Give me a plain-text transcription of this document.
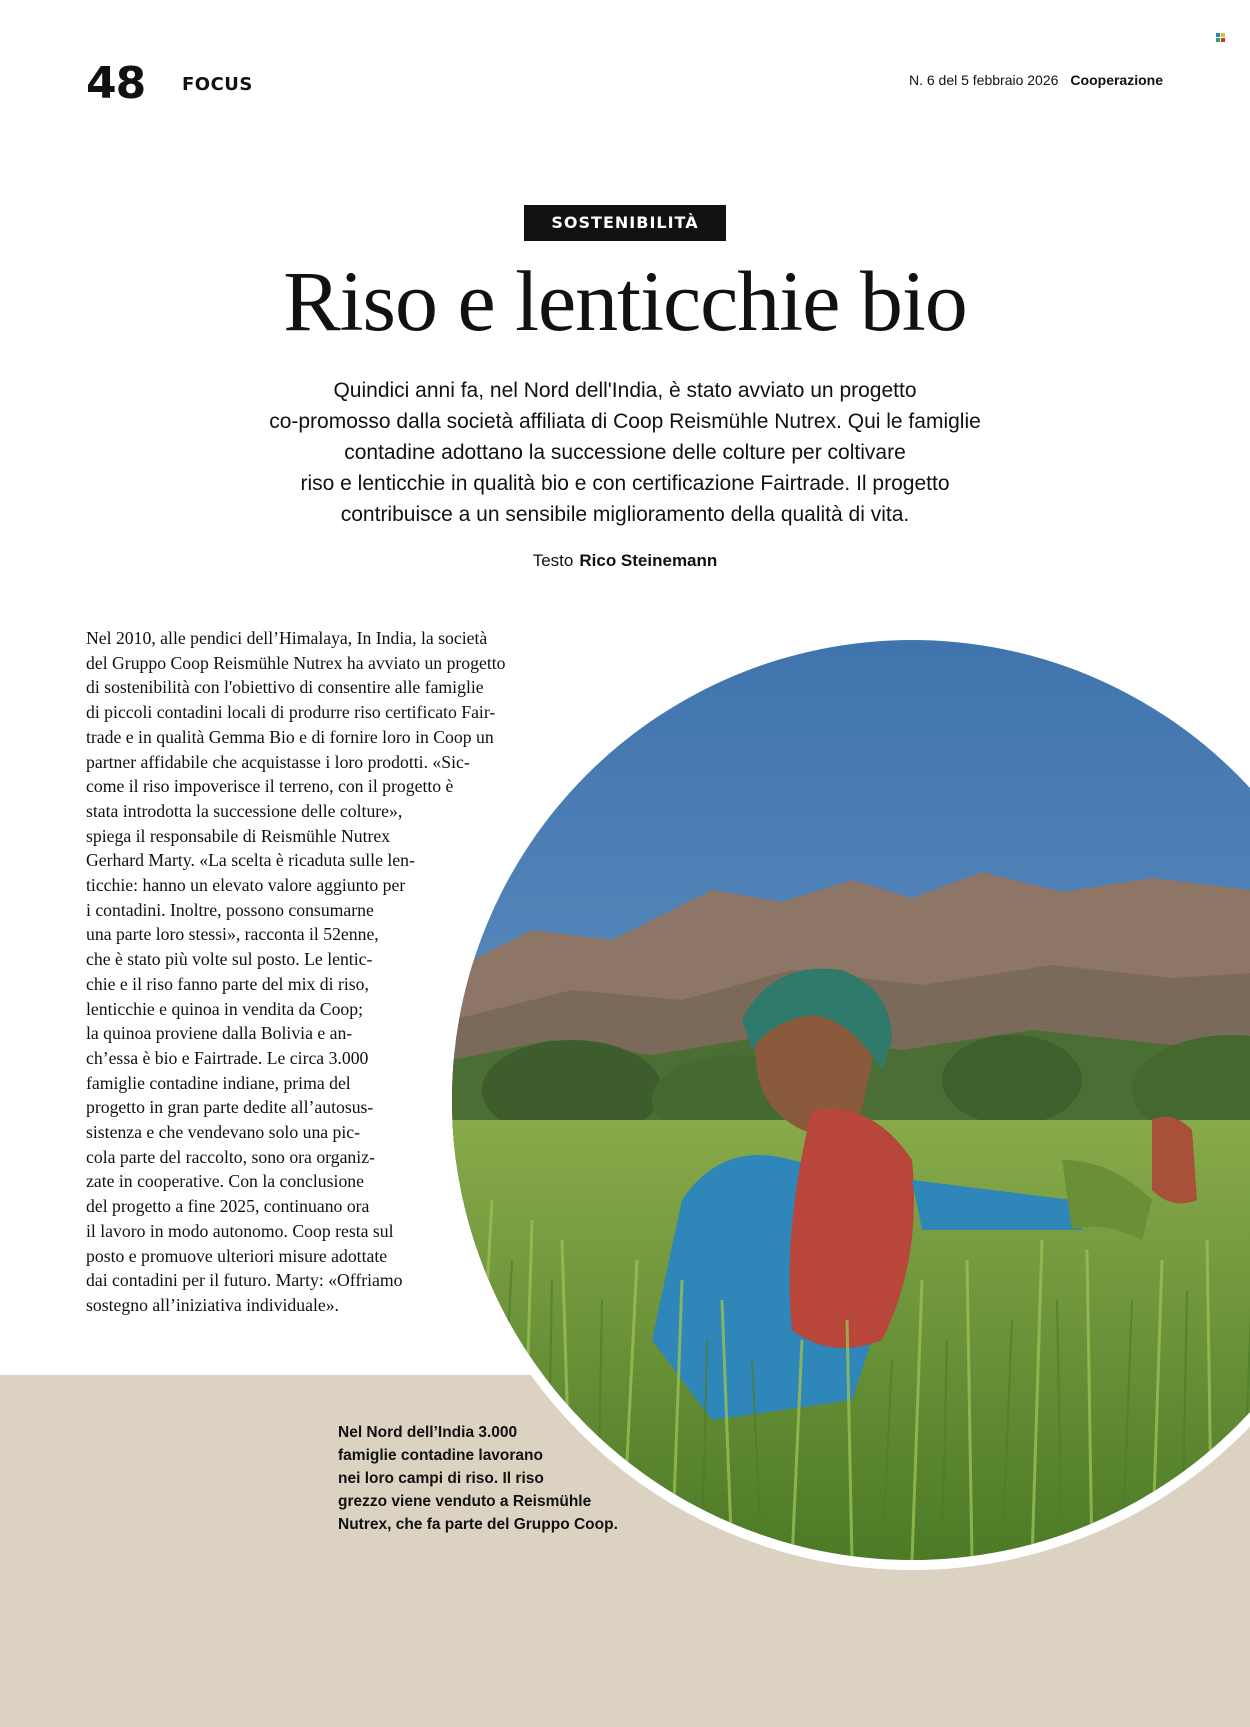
48 FOCUS	N. 6 del 5 febbraio 2026 Cooperazione
SOSTENIBILITÀ
Riso e lenticchie bio
Quindici anni fa, nel Nord dell'India, è stato avviato un progetto
co-promosso dalla società affiliata di Coop Reismühle Nutrex. Qui le famiglie
contadine adottano la successione delle colture per coltivare
riso e lenticchie in qualità bio e con certificazione Fairtrade. Il progetto
contribuisce a un sensibile miglioramento della qualità di vita.
Testo Rico Steinemann
Nel 2010, alle pendici dell’Himalaya, In India, la società
del Gruppo Coop Reismühle Nutrex ha avviato un progetto
di sostenibilità con l'obiettivo di consentire alle famiglie
di piccoli contadini locali di produrre riso certificato Fair-
trade e in qualità Gemma Bio e di fornire loro in Coop un
partner affidabile che acquistasse i loro prodotti. «Sic-
come il riso impoverisce il terreno, con il progetto è
stata introdotta la successione delle colture»,
spiega il responsabile di Reismühle Nutrex
Gerhard Marty. «La scelta è ricaduta sulle len-
ticchie: hanno un elevato valore aggiunto per
i contadini. Inoltre, possono consumarne
una parte loro stessi», racconta il 52enne,
che è stato più volte sul posto. Le lentic-
chie e il riso fanno parte del mix di riso,
lenticchie e quinoa in vendita da Coop;
la quinoa proviene dalla Bolivia e an-
ch’essa è bio e Fairtrade. Le circa 3.000
famiglie contadine indiane, prima del
progetto in gran parte dedite all’autosus-
sistenza e che vendevano solo una pic-
cola parte del raccolto, sono ora organiz-
zate in cooperative. Con la conclusione
del progetto a fine 2025, continuano ora
il lavoro in modo autonomo. Coop resta sul
posto e promuove ulteriori misure adottate
dai contadini per il futuro. Marty: «Offriamo
sostegno all’iniziativa individuale».
Nel Nord dell’India 3.000
famiglie contadine lavorano
nei loro campi di riso. Il riso
grezzo viene venduto a Reismühle
Nutrex, che fa parte del Gruppo Coop.
